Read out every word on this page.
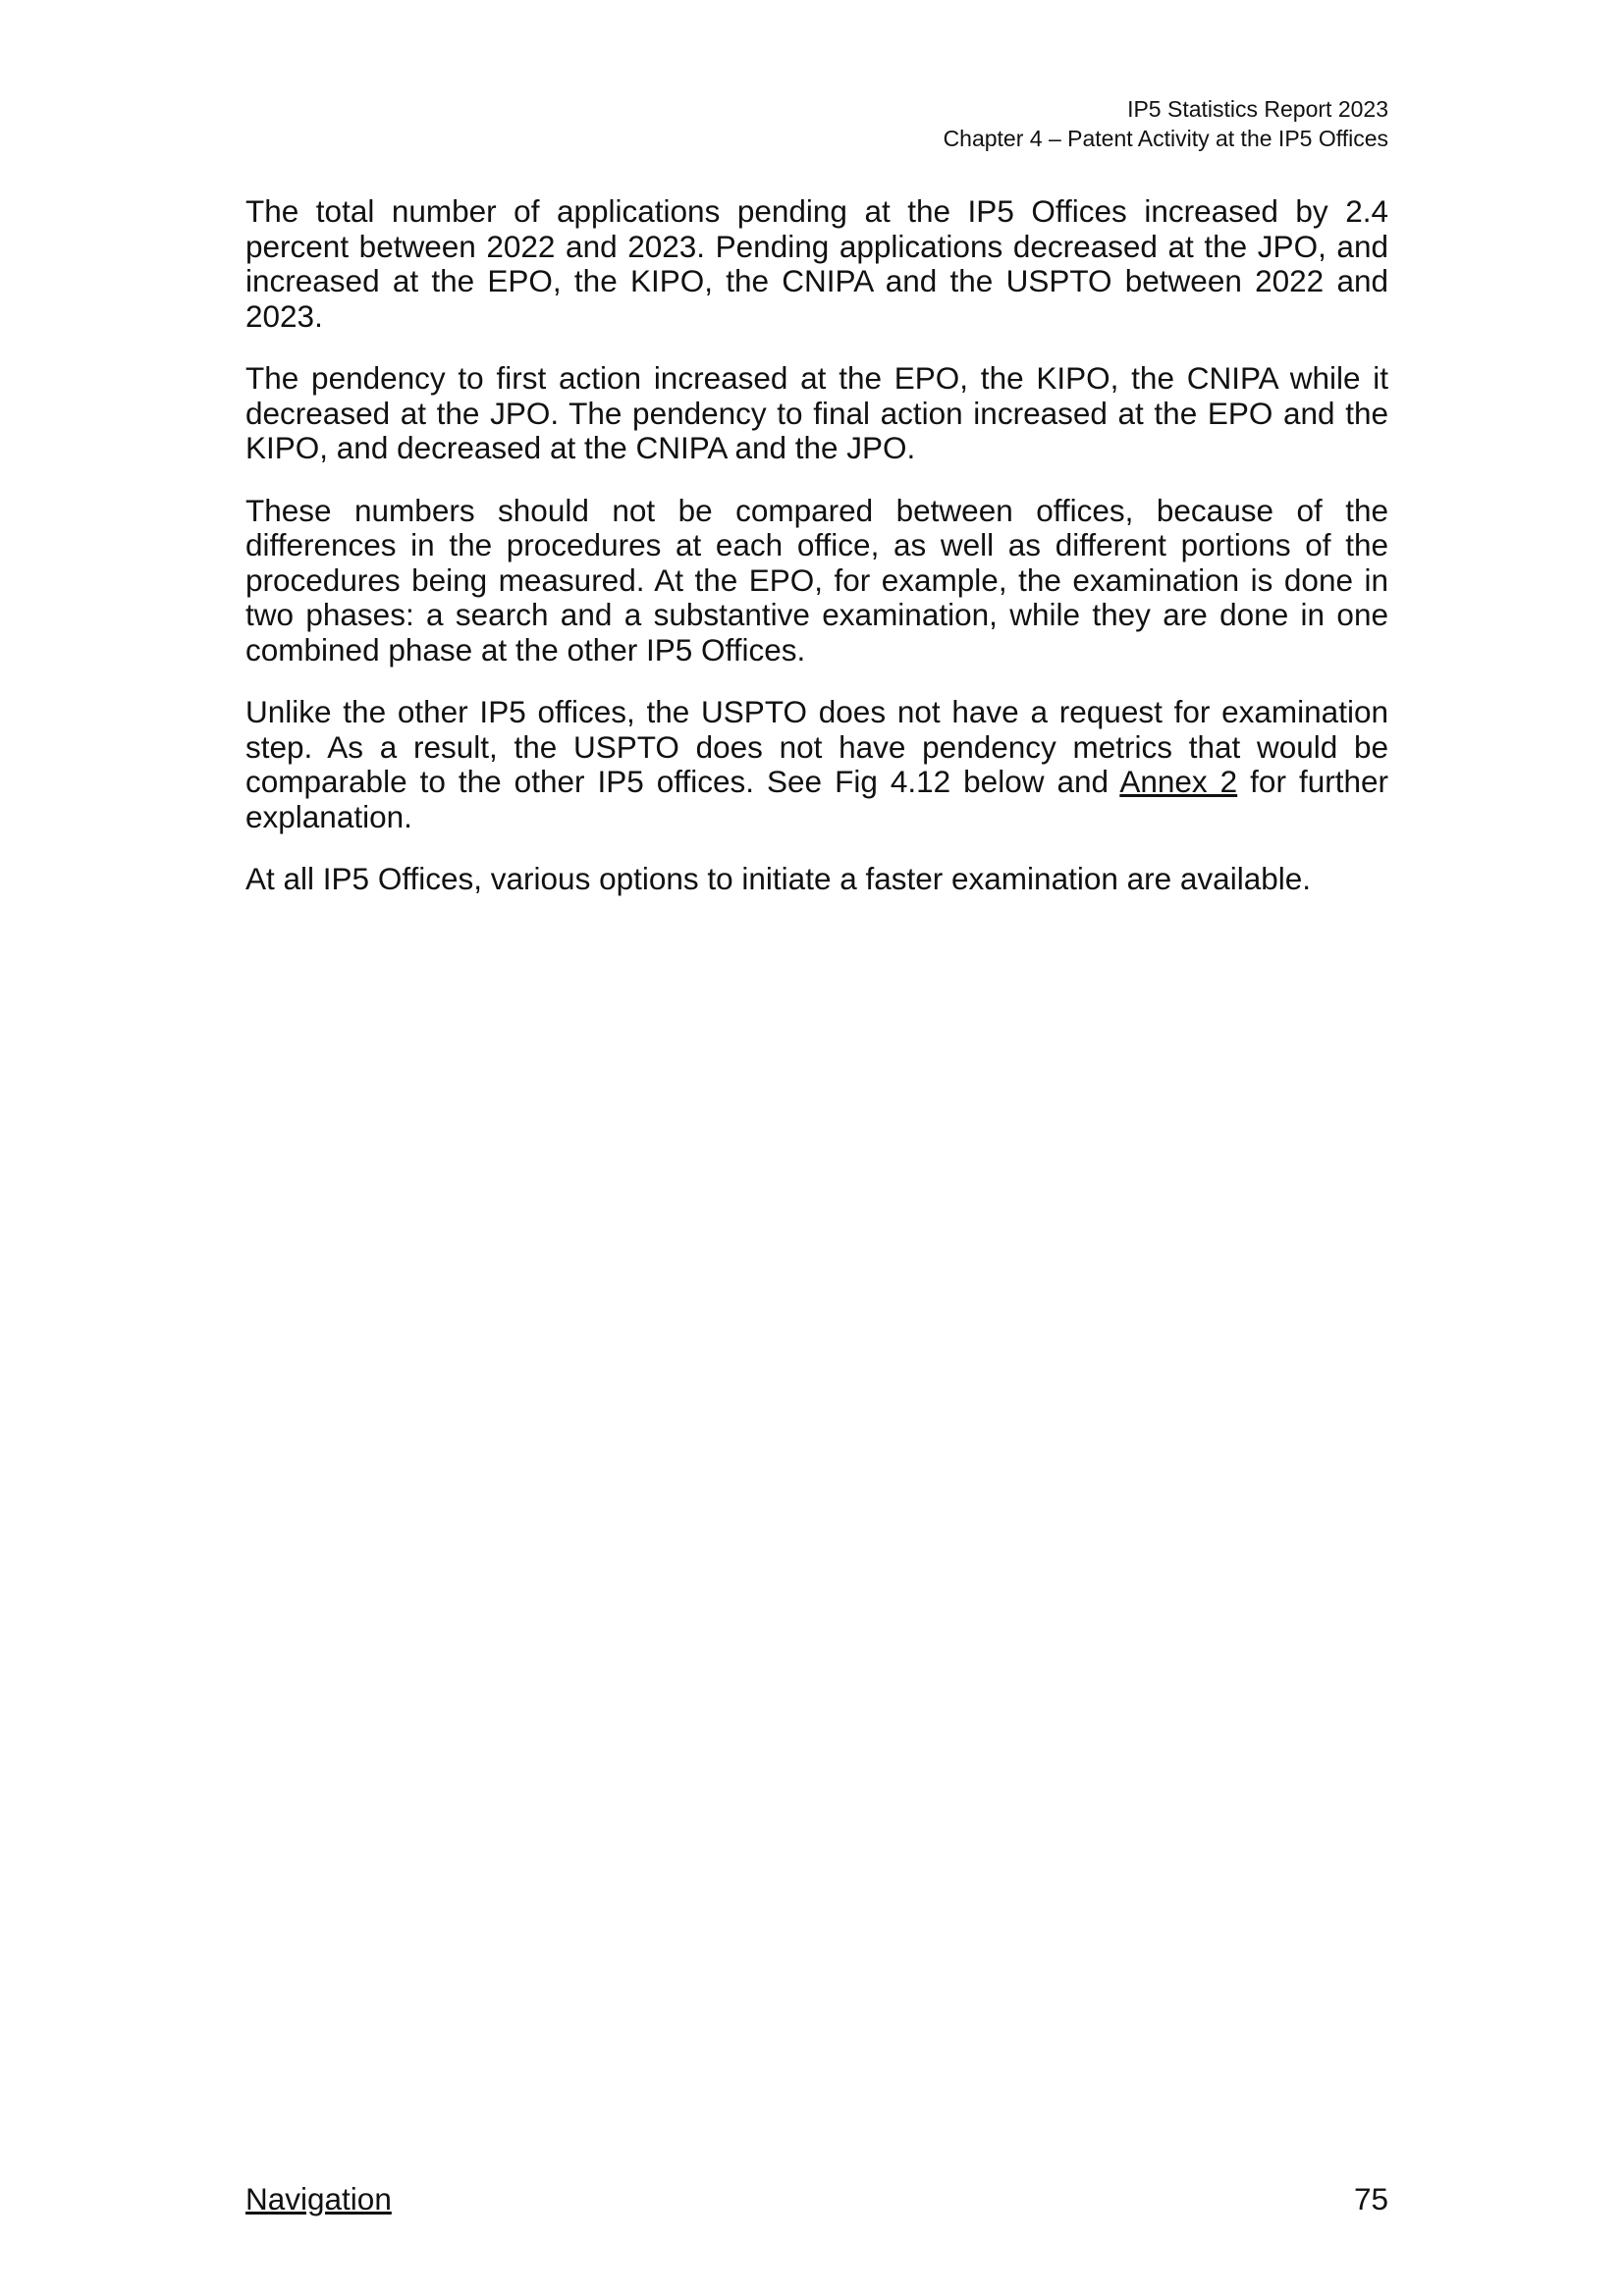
IP5 Statistics Report 2023
Chapter 4 – Patent Activity at the IP5 Offices

The total number of applications pending at the IP5 Offices increased by 2.4 percent between 2022 and 2023. Pending applications decreased at the JPO, and increased at the EPO, the KIPO, the CNIPA and the USPTO between 2022 and 2023.

The pendency to first action increased at the EPO, the KIPO, the CNIPA while it decreased at the JPO. The pendency to final action increased at the EPO and the KIPO, and decreased at the CNIPA and the JPO.

These numbers should not be compared between offices, because of the differences in the procedures at each office, as well as different portions of the procedures being measured. At the EPO, for example, the examination is done in two phases: a search and a substantive examination, while they are done in one combined phase at the other IP5 Offices.

Unlike the other IP5 offices, the USPTO does not have a request for examination step. As a result, the USPTO does not have pendency metrics that would be comparable to the other IP5 offices. See Fig 4.12 below and Annex 2 for further explanation.

At all IP5 Offices, various options to initiate a faster examination are available.

Navigation	75
